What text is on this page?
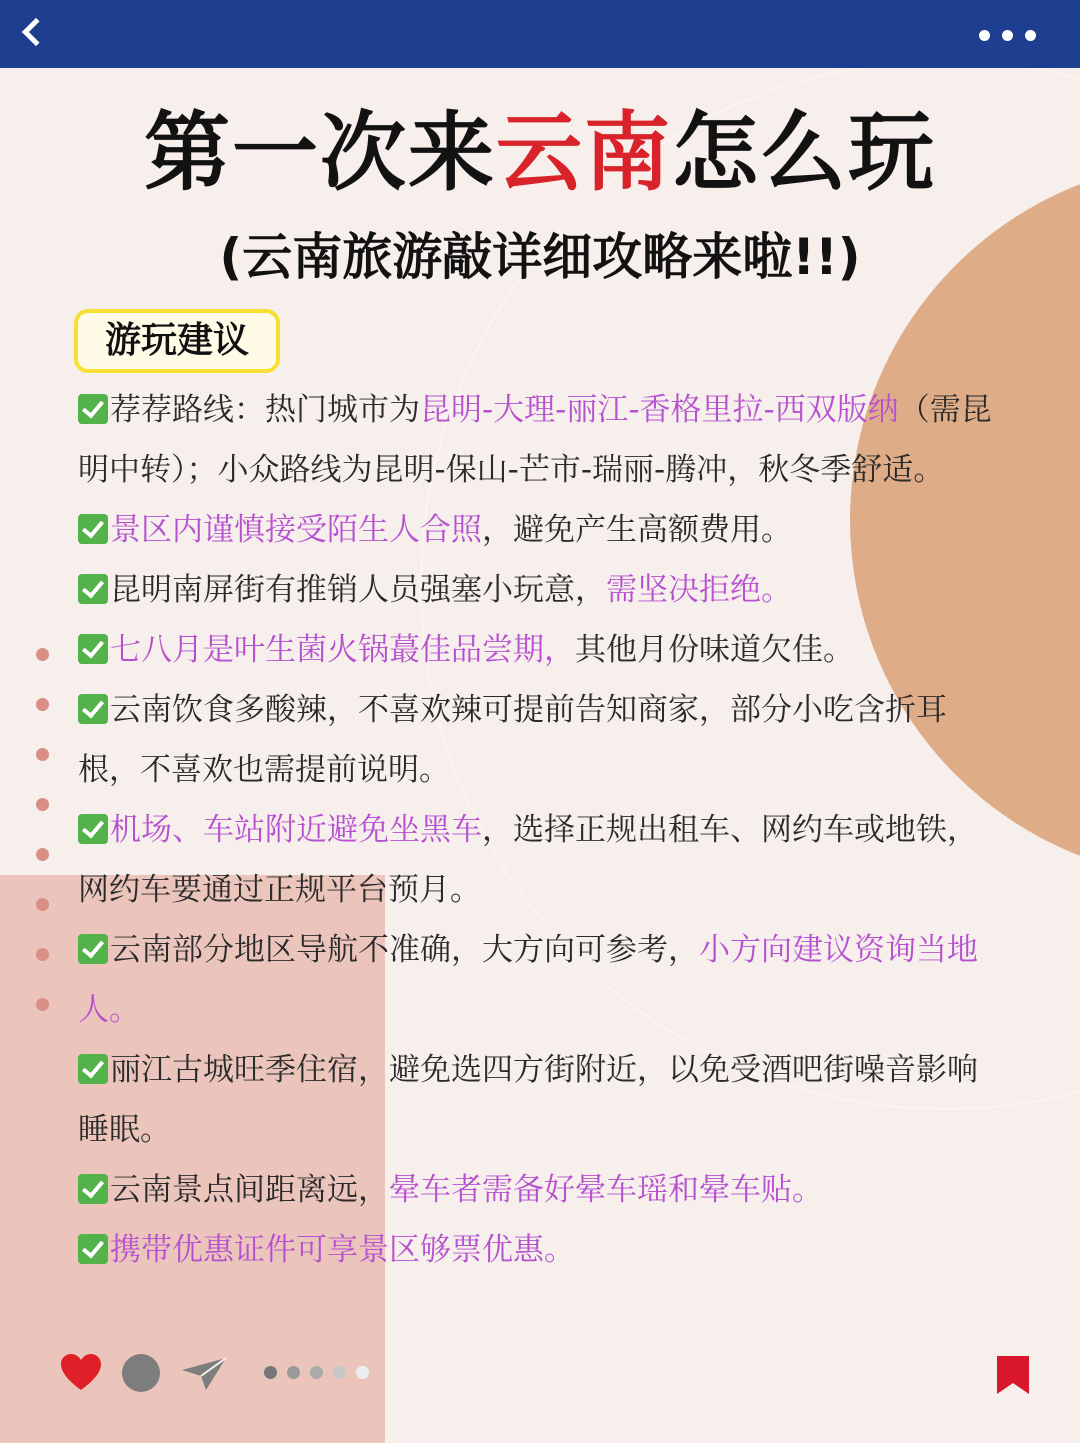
第一次来云南怎么玩
(云南旅游敲详细攻略来啦!!)
游玩建议

荐荐路线：热门城市为昆明-大理-丽江-香格里拉-西双版纳（需昆明中转）；小众路线为昆明-保山-芒市-瑞丽-腾冲，秋冬季舒适。

景区内谨慎接受陌生人合照，避免产生高额费用。

昆明南屏街有推销人员强塞小玩意，需坚决拒绝。

七八月是叶生菌火锅蕞佳品尝期，其他月份味道欠佳。

云南饮食多酸辣，不喜欢辣可提前告知商家，部分小吃含折耳根，不喜欢也需提前说明。

机场、车站附近避免坐黑车，选择正规出租车、网约车或地铁，网约车要通过正规平台预月。

云南部分地区导航不准确，大方向可参考，小方向建议资询当地人。

丽江古城旺季住宿，避免选四方街附近，以免受酒吧街噪音影响睡眠。

云南景点间距离远，晕车者需备好晕车瑶和晕车贴。

携带优惠证件可享景区够票优惠。
